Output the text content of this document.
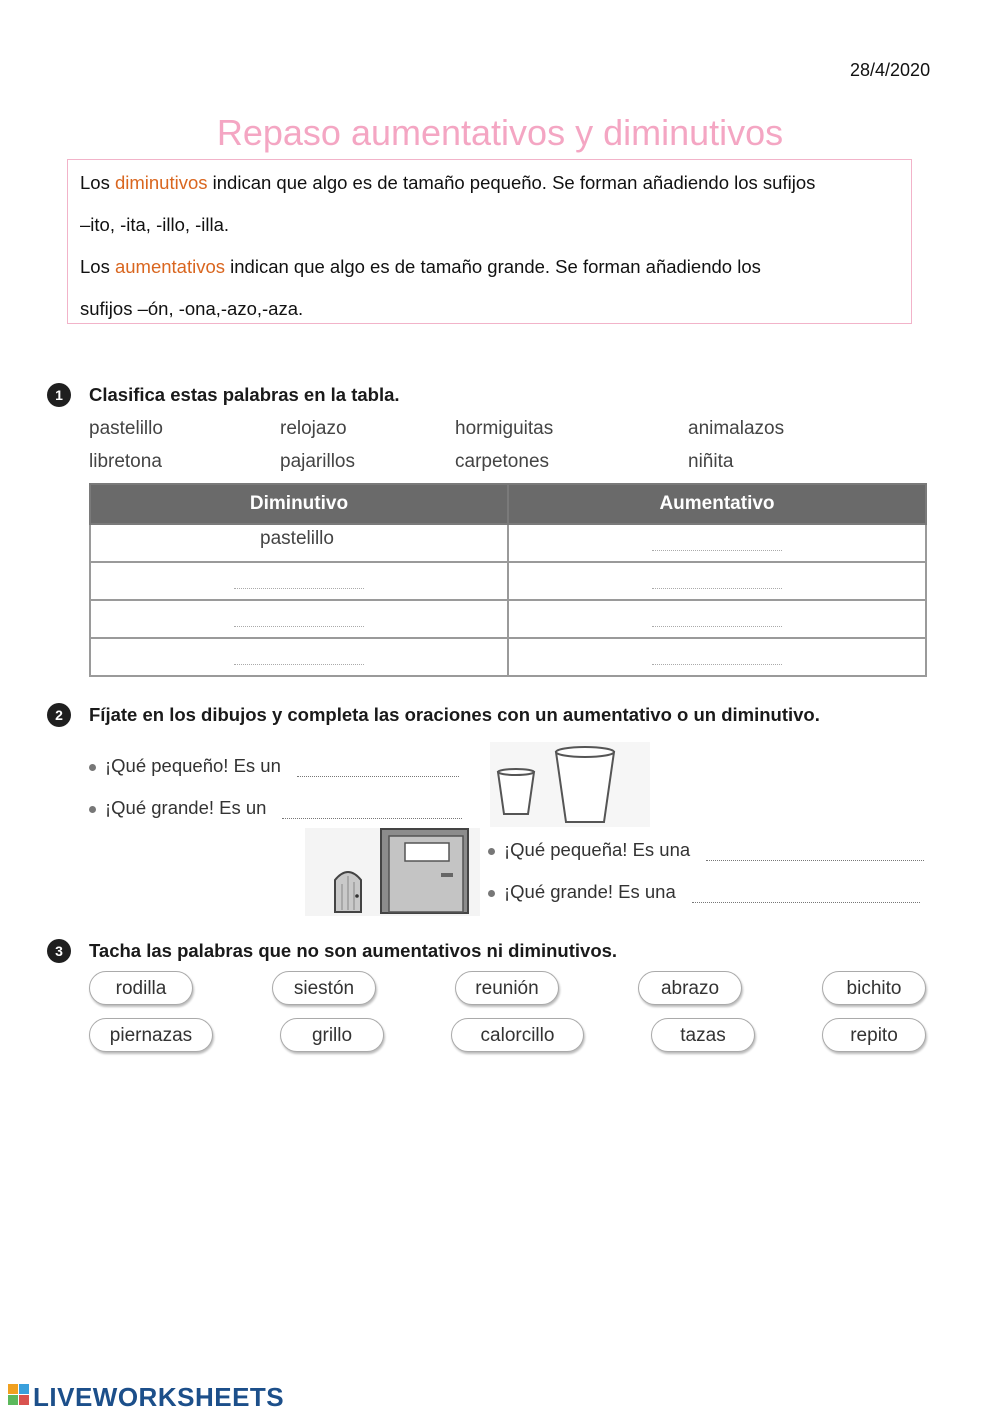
28/4/2020
Repaso aumentativos y diminutivos

Los diminutivos indican que algo es de tamaño pequeño. Se forman añadiendo los sufijos

–ito, -ita, -illo, -illa.

Los aumentativos indican que algo es de tamaño grande. Se forman añadiendo los

sufijos –ón, -ona,-azo,-aza.

1	Clasifica estas palabras en la tabla.
pastelillo	relojazo	hormiguitas	animalazos
libretona	pajarillos	carpetones	niñita
Diminutivo	Aumentativo
pastelillo	

2	Fíjate en los dibujos y completa las oraciones con un aumentativo o un diminutivo.
¡Qué pequeño! Es un
¡Qué grande! Es un
¡Qué pequeña! Es una
¡Qué grande! Es una
3	Tacha las palabras que no son aumentativos ni diminutivos.
rodilla	siestón	reunión	abrazo	bichito
piernazas	grillo	calorcillo	tazas	repito
LIVEWORKSHEETS
